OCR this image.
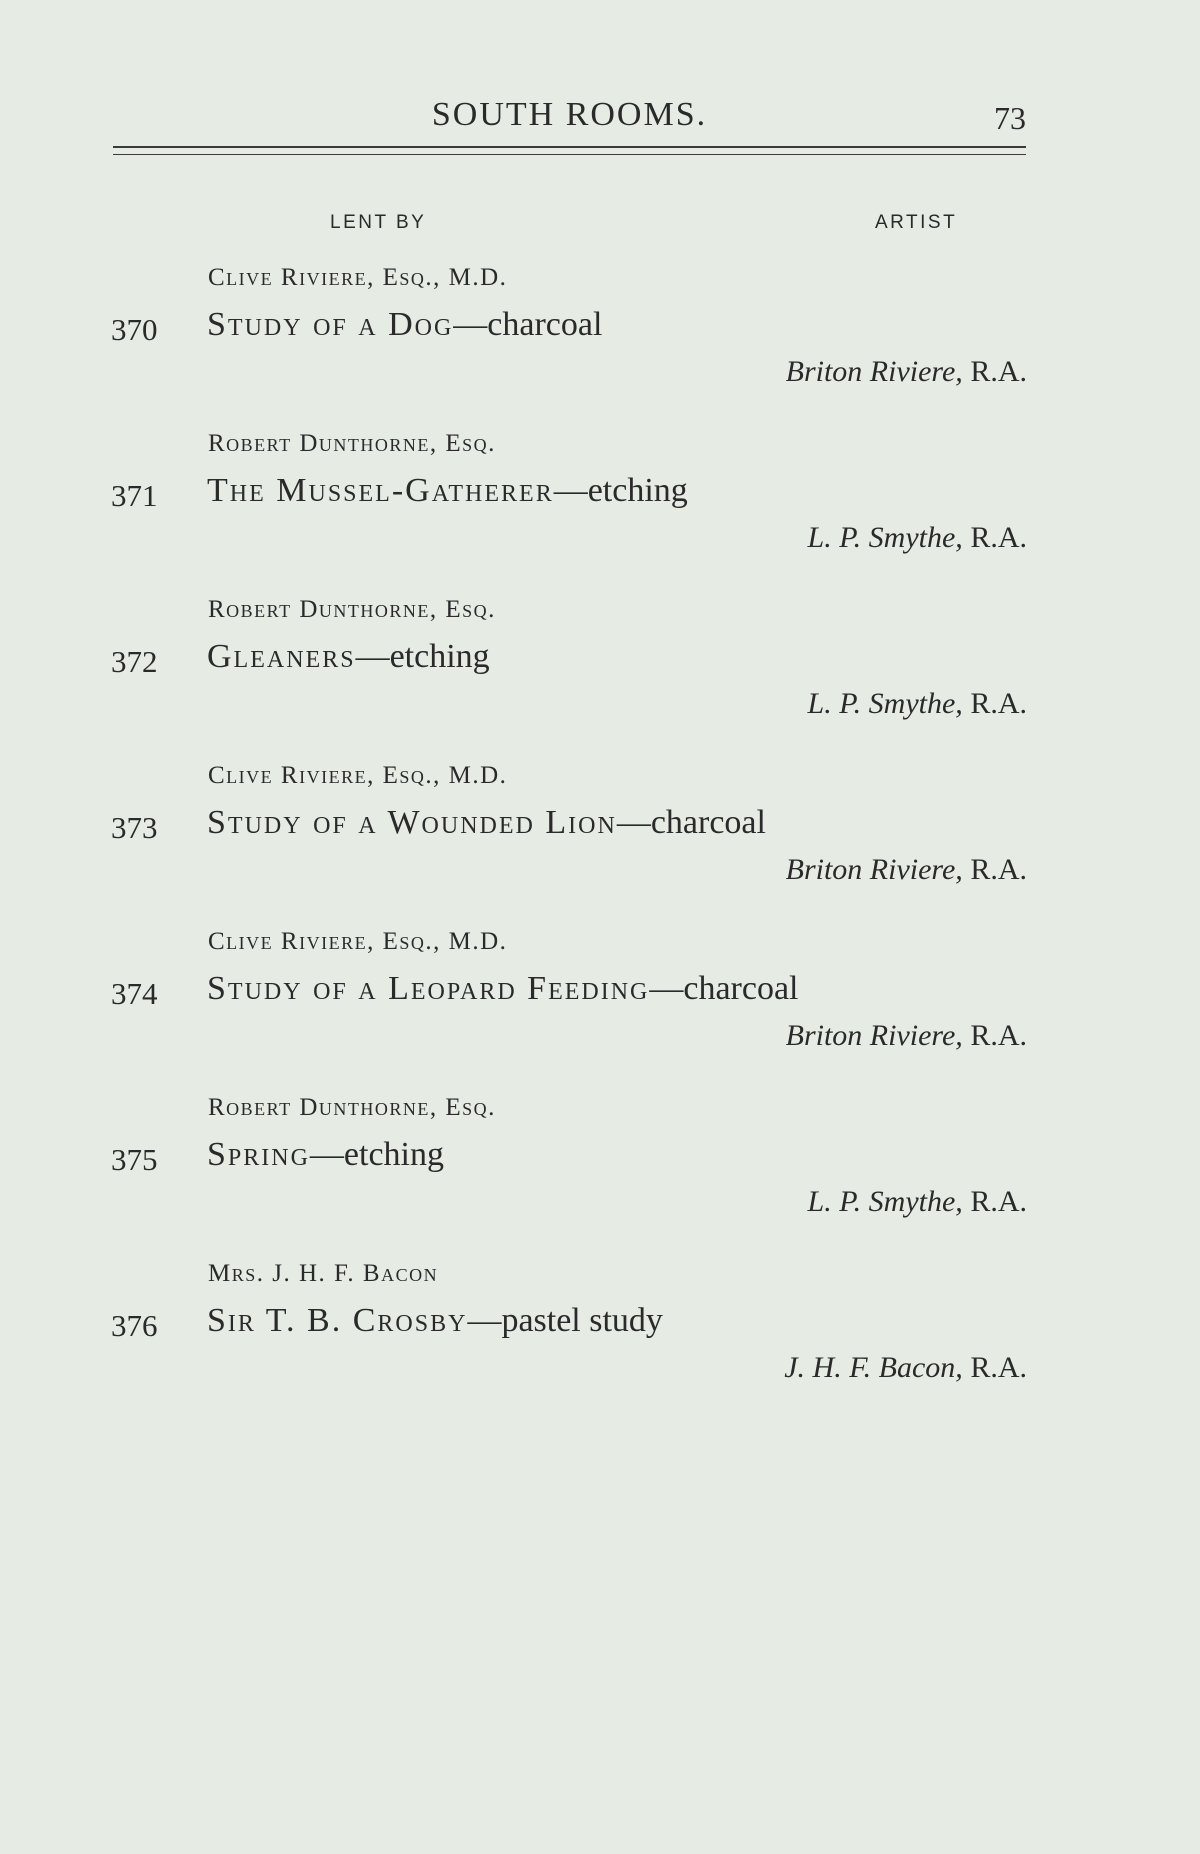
SOUTH ROOMS.	73
LENT BY	ARTIST
Clive Riviere, Esq., M.D.
370 Study of a Dog—charcoal
Briton Riviere, R.A.
Robert Dunthorne, Esq.
371 The Mussel-Gatherer—etching
L. P. Smythe, R.A.
Robert Dunthorne, Esq.
372 Gleaners—etching
L. P. Smythe, R.A.
Clive Riviere, Esq., M.D.
373 Study of a Wounded Lion—charcoal
Briton Riviere, R.A.
Clive Riviere, Esq., M.D.
374 Study of a Leopard Feeding—charcoal
Briton Riviere, R.A.
Robert Dunthorne, Esq.
375 Spring—etching
L. P. Smythe, R.A.
Mrs. J. H. F. Bacon
376 Sir T. B. Crosby—pastel study
J. H. F. Bacon, R.A.
